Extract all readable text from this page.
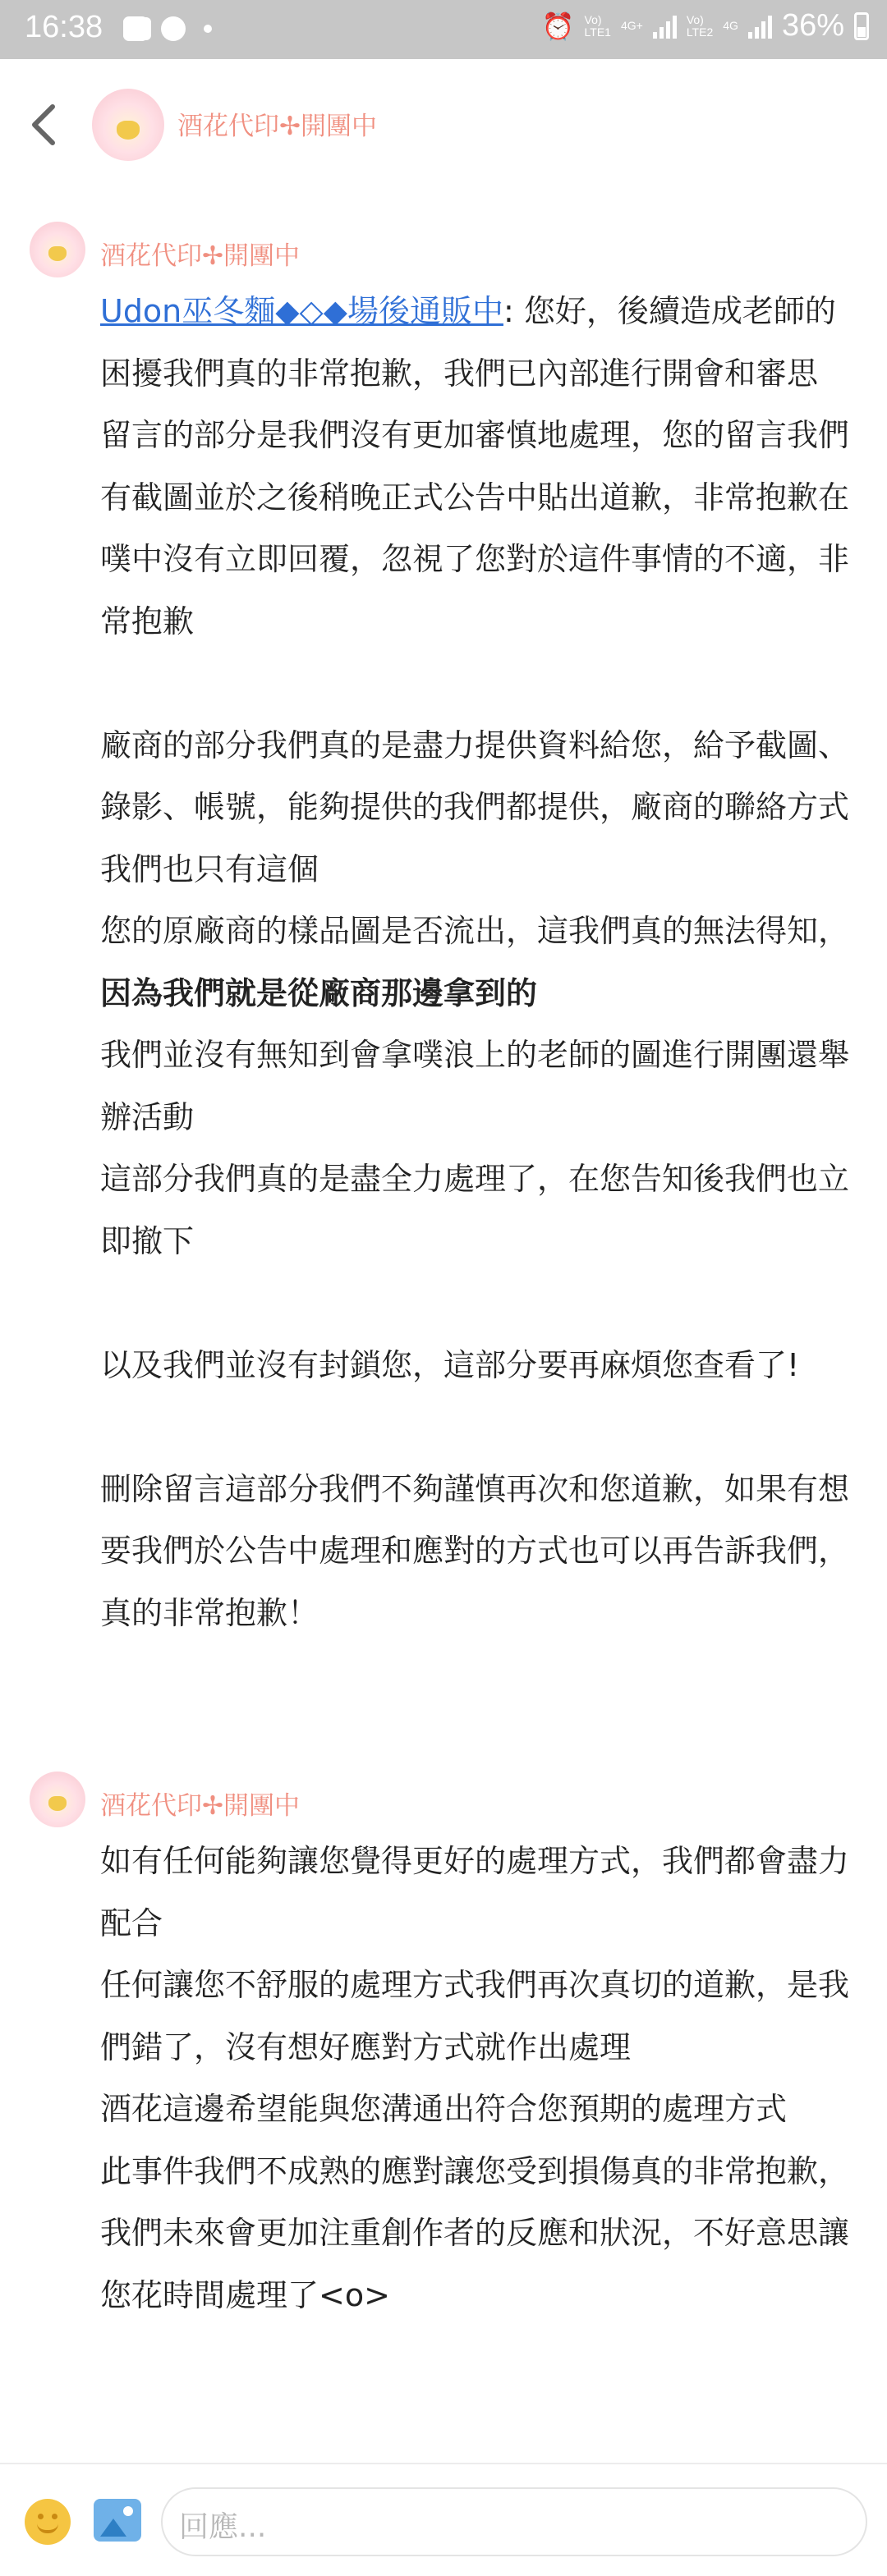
16:38	⏰ Vo)
LTE1 4G+	Vo)
LTE2 4G 36%
酒花代印✢開團中
酒花代印✢開團中
Udon巫冬麵◆◇◆場後通販中: 您好，後續造成老師的困擾我們真的非常抱歉，我們已內部進行開會和審思
留言的部分是我們沒有更加審慎地處理，您的留言我們有截圖並於之後稍晚正式公告中貼出道歉，非常抱歉在噗中沒有立即回覆，忽視了您對於這件事情的不適，非常抱歉

廠商的部分我們真的是盡力提供資料給您，給予截圖、錄影、帳號，能夠提供的我們都提供，廠商的聯絡方式我們也只有這個
您的原廠商的樣品圖是否流出，這我們真的無法得知，因為我們就是從廠商那邊拿到的
我們並沒有無知到會拿噗浪上的老師的圖進行開團還舉辦活動
這部分我們真的是盡全力處理了，在您告知後我們也立即撤下

以及我們並沒有封鎖您，這部分要再麻煩您查看了!

刪除留言這部分我們不夠謹慎再次和您道歉，如果有想要我們於公告中處理和應對的方式也可以再告訴我們，真的非常抱歉！
酒花代印✢開團中
如有任何能夠讓您覺得更好的處理方式，我們都會盡力配合
任何讓您不舒服的處理方式我們再次真切的道歉，是我們錯了，沒有想好應對方式就作出處理
酒花這邊希望能與您溝通出符合您預期的處理方式
此事件我們不成熟的應對讓您受到損傷真的非常抱歉，我們未來會更加注重創作者的反應和狀況，不好意思讓您花時間處理了<o>
回應...
